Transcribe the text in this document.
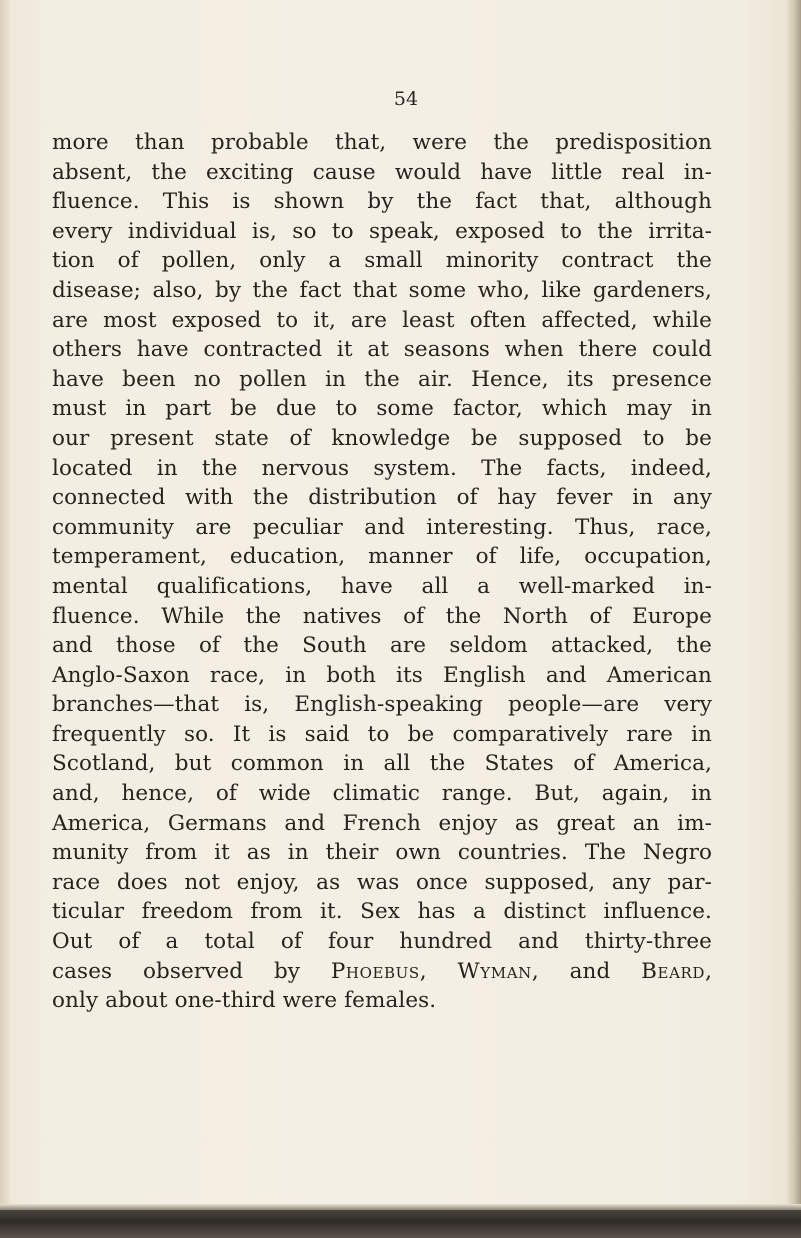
54
more than probable that, were the predisposition
absent, the exciting cause would have little real in-
fluence. This is shown by the fact that, although
every individual is, so to speak, exposed to the irrita-
tion of pollen, only a small minority contract the
disease; also, by the fact that some who, like gardeners,
are most exposed to it, are least often affected, while
others have contracted it at seasons when there could
have been no pollen in the air. Hence, its presence
must in part be due to some factor, which may in
our present state of knowledge be supposed to be
located in the nervous system. The facts, indeed,
connected with the distribution of hay fever in any
community are peculiar and interesting. Thus, race,
temperament, education, manner of life, occupation,
mental qualifications, have all a well-marked in-
fluence. While the natives of the North of Europe
and those of the South are seldom attacked, the
Anglo-Saxon race, in both its English and American
branches—that is, English-speaking people—are very
frequently so. It is said to be comparatively rare in
Scotland, but common in all the States of America,
and, hence, of wide climatic range. But, again, in
America, Germans and French enjoy as great an im-
munity from it as in their own countries. The Negro
race does not enjoy, as was once supposed, any par-
ticular freedom from it. Sex has a distinct influence.
Out of a total of four hundred and thirty-three
cases observed by Phoebus, Wyman, and Beard,
only about one-third were females.
